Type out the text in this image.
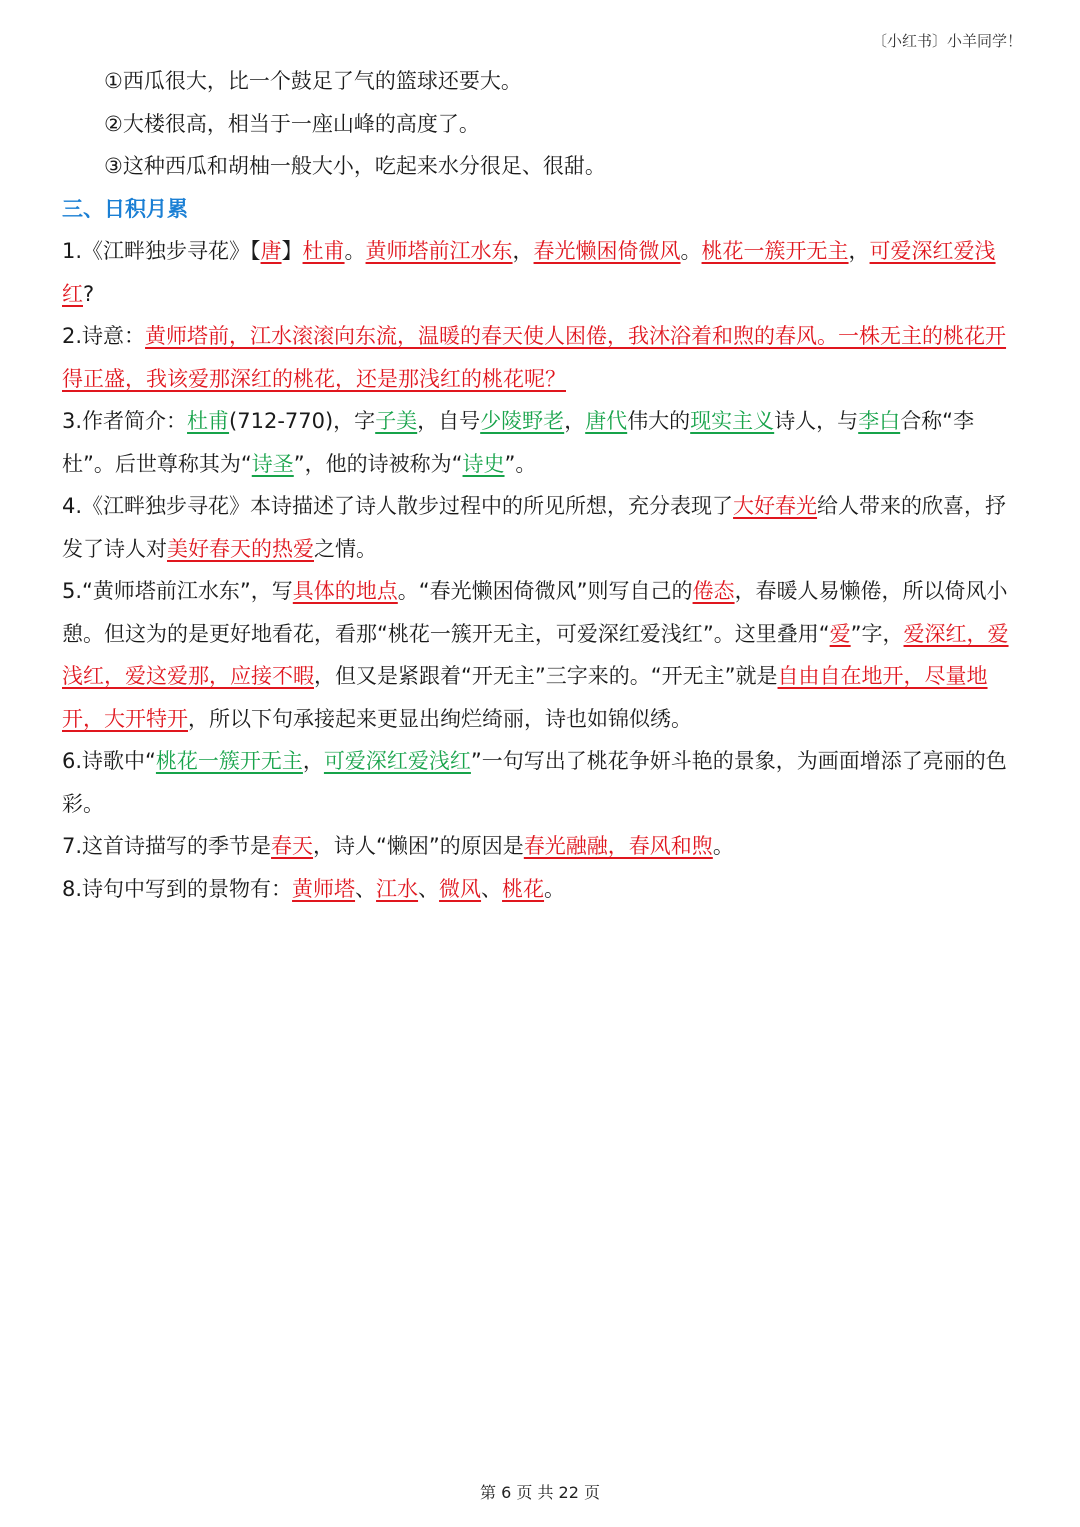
〔小红书〕小羊同学！

①西瓜很大，比一个鼓足了气的篮球还要大。

②大楼很高，相当于一座山峰的高度了。

③这种西瓜和胡柚一般大小，吃起来水分很足、很甜。

三、日积月累

1.《江畔独步寻花》【唐】杜甫。黄师塔前江水东，春光懒困倚微风。桃花一簇开无主，可爱深红爱浅红?

2.诗意：黄师塔前，江水滚滚向东流，温暖的春天使人困倦，我沐浴着和煦的春风。一株无主的桃花开得正盛，我该爱那深红的桃花，还是那浅红的桃花呢？

3.作者简介：杜甫(712-770)，字子美，自号少陵野老，唐代伟大的现实主义诗人，与李白合称“李杜”。后世尊称其为“诗圣”，他的诗被称为“诗史”。

4.《江畔独步寻花》本诗描述了诗人散步过程中的所见所想，充分表现了大好春光给人带来的欣喜，抒发了诗人对美好春天的热爱之情。

5.“黄师塔前江水东”，写具体的地点。“春光懒困倚微风”则写自己的倦态，春暖人易懒倦，所以倚风小憩。但这为的是更好地看花，看那“桃花一簇开无主，可爱深红爱浅红”。这里叠用“爱”字，爱深红，爱浅红，爱这爱那，应接不暇，但又是紧跟着“开无主”三字来的。“开无主”就是自由自在地开，尽量地开，大开特开，所以下句承接起来更显出绚烂绮丽，诗也如锦似绣。

6.诗歌中“桃花一簇开无主，可爱深红爱浅红”一句写出了桃花争妍斗艳的景象，为画面增添了亮丽的色彩。

7.这首诗描写的季节是春天，诗人“懒困”的原因是春光融融，春风和煦。

8.诗句中写到的景物有：黄师塔、江水、微风、桃花。

第 6 页 共 22 页
